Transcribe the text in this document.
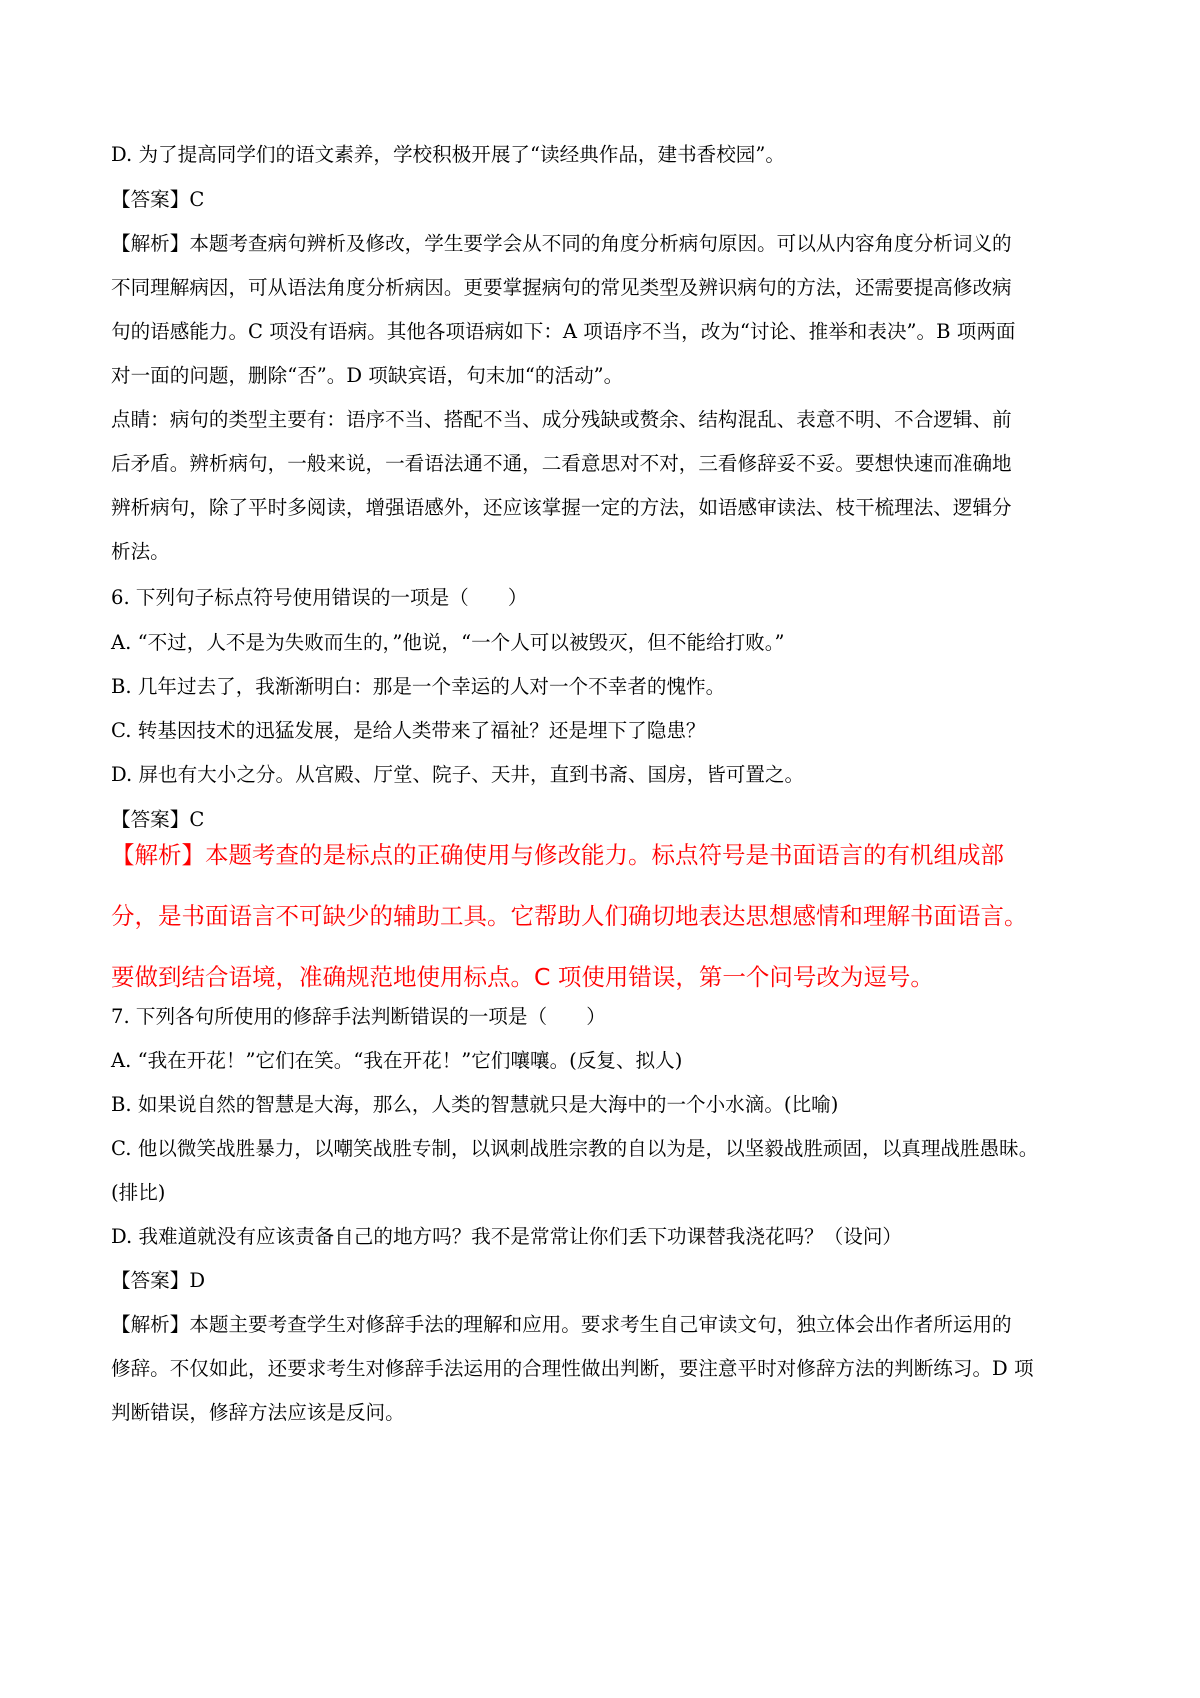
D. 为了提高同学们的语文素养，学校积极开展了“读经典作品，建书香校园”。
【答案】C
【解析】本题考查病句辨析及修改，学生要学会从不同的角度分析病句原因。可以从内容角度分析词义的
不同理解病因，可从语法角度分析病因。更要掌握病句的常见类型及辨识病句的方法，还需要提高修改病
句的语感能力。C 项没有语病。其他各项语病如下：A 项语序不当，改为“讨论、推举和表决”。B 项两面
对一面的问题，删除“否”。D 项缺宾语，句末加“的活动”。
点睛：病句的类型主要有：语序不当、搭配不当、成分残缺或赘余、结构混乱、表意不明、不合逻辑、前
后矛盾。辨析病句，一般来说，一看语法通不通，二看意思对不对，三看修辞妥不妥。要想快速而准确地
辨析病句，除了平时多阅读，增强语感外，还应该掌握一定的方法，如语感审读法、枝干梳理法、逻辑分
析法。
6. 下列句子标点符号使用错误的一项是（　　）
A. “不过，人不是为失败而生的，”他说，“一个人可以被毁灭，但不能给打败。”
B. 几年过去了，我渐渐明白：那是一个幸运的人对一个不幸者的愧怍。
C. 转基因技术的迅猛发展，是给人类带来了福祉？还是埋下了隐患？
D. 屏也有大小之分。从宫殿、厅堂、院子、天井，直到书斋、国房，皆可置之。
【答案】C
【解析】本题考查的是标点的正确使用与修改能力。标点符号是书面语言的有机组成部
分，是书面语言不可缺少的辅助工具。它帮助人们确切地表达思想感情和理解书面语言。
要做到结合语境，准确规范地使用标点。C 项使用错误，第一个问号改为逗号。
7. 下列各句所使用的修辞手法判断错误的一项是（　　）
A. “我在开花！”它们在笑。“我在开花！”它们嚷嚷。(反复、拟人)
B. 如果说自然的智慧是大海，那么，人类的智慧就只是大海中的一个小水滴。(比喻)
C. 他以微笑战胜暴力，以嘲笑战胜专制，以讽刺战胜宗教的自以为是，以坚毅战胜顽固，以真理战胜愚昧。
(排比)
D. 我难道就没有应该责备自己的地方吗？我不是常常让你们丢下功课替我浇花吗？（设问）
【答案】D
【解析】本题主要考查学生对修辞手法的理解和应用。要求考生自己审读文句，独立体会出作者所运用的
修辞。不仅如此，还要求考生对修辞手法运用的合理性做出判断，要注意平时对修辞方法的判断练习。D 项
判断错误，修辞方法应该是反问。
